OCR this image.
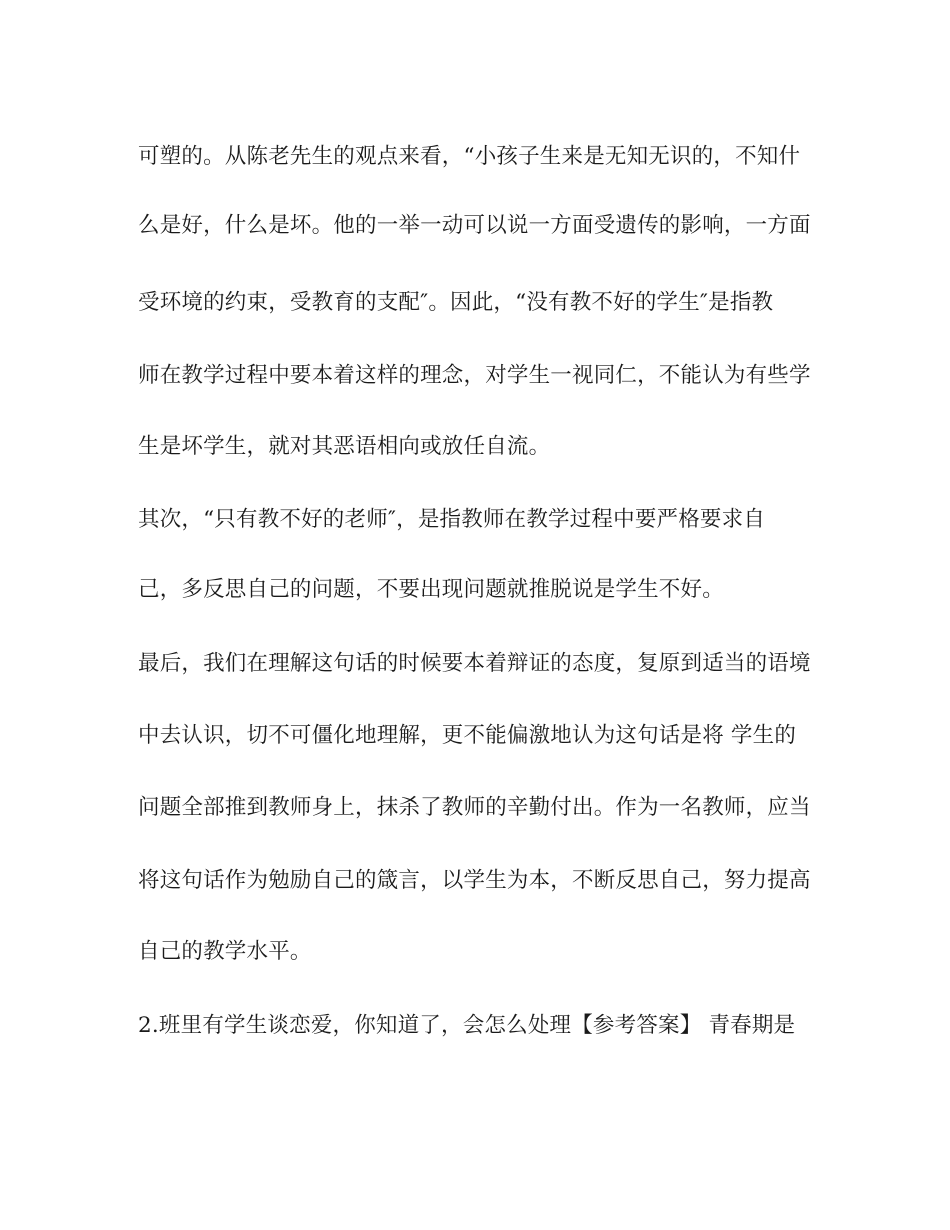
可塑的。从陈老先生的观点来看，“小孩子生来是无知无识的，不知什
么是好，什么是坏。他的一举一动可以说一方面受遗传的影响，一方面
受环境的约束，受教育的支配″。因此，“没有教不好的学生″是指教
师在教学过程中要本着这样的理念，对学生一视同仁，不能认为有些学
生是坏学生，就对其恶语相向或放任自流。
其次，“只有教不好的老师″，是指教师在教学过程中要严格要求自
己，多反思自己的问题，不要出现问题就推脱说是学生不好。
最后，我们在理解这句话的时候要本着辩证的态度，复原到适当的语境
中去认识，切不可僵化地理解，更不能偏激地认为这句话是将 学生的
问题全部推到教师身上，抹杀了教师的辛勤付出。作为一名教师，应当
将这句话作为勉励自己的箴言，以学生为本，不断反思自己，努力提高
自己的教学水平。
2.班里有学生谈恋爱，你知道了，会怎么处理【参考答案】 青春期是
